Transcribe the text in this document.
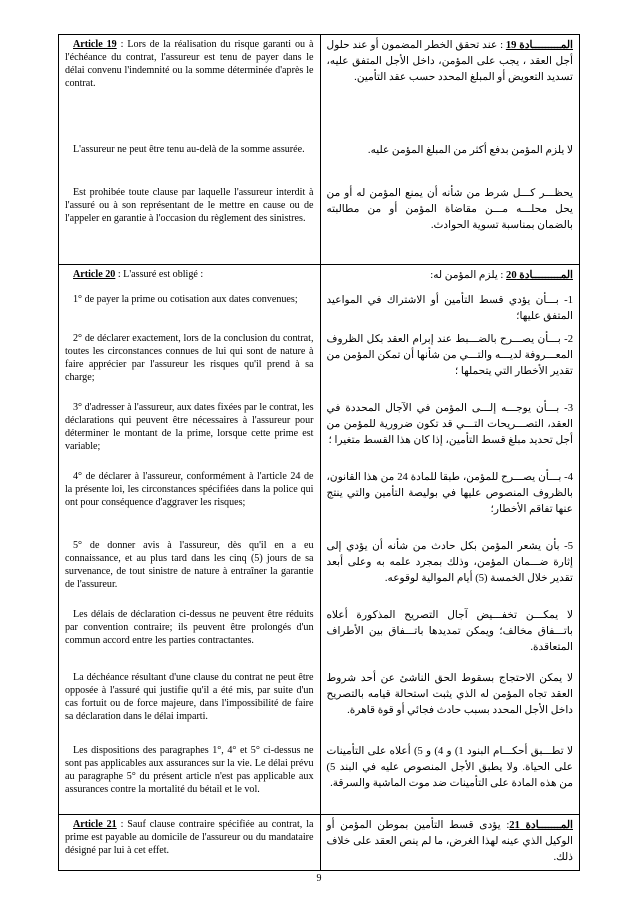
Article 19 : Lors de la réalisation du risque garanti ou à l'échéance du contrat, l'assureur est tenu de payer dans le délai convenu l'indemnité ou la somme déterminée d'après le contrat.	المـــــــــادة 19 : عند تحقق الخطر المضمون أو عند حلول أجل العقد ، يجب على المؤمن، داخل الأجل المتفق عليه، تسديد التعويض أو المبلغ المحدد حسب عقد التأمين.

L'assureur ne peut être tenu au-delà de la somme assurée.	لا يلزم المؤمن بدفع أكثر من المبلغ المؤمن عليه.

Est prohibée toute clause par laquelle l'assureur interdit à l'assuré ou à son représentant de le mettre en cause ou de l'appeler en garantie à l'occasion du règlement des sinistres.	يحظـــر كـــل شرط من شأنه أن يمنع المؤمن له أو من يحل محلـــه مـــن مقاضاة المؤمن أو من مطالبته بالضمان بمناسبة تسوية الحوادث.

Article 20 : L'assuré est obligé :	المـــــــــادة 20 : يلزم المؤمن له:

1° de payer la prime ou cotisation aux dates convenues;	1- بـــأن يؤدي قسط التأمين أو الاشتراك في المواعيد المتفق عليها؛

2° de déclarer exactement, lors de la conclusion du contrat, toutes les circonstances connues de lui qui sont de nature à faire apprécier par l'assureur les risques qu'il prend à sa charge;	2- بـــأن يصـــرح بالضـــبط عند إبرام العقد بكل الظروف المعـــروفة لديـــه والتـــي من شأنها أن تمكن المؤمن من تقدير الأخطار التي يتحملها ؛

3° d'adresser à l'assureur, aux dates fixées par le contrat, les déclarations qui peuvent être nécessaires à l'assureur pour déterminer le montant de la prime, lorsque cette prime est variable;	3- بـــأن يوجـــه إلـــى المؤمن في الآجال المحددة في العقد، التصـــريحات التـــي قد تكون ضرورية للمؤمن من أجل تحديد مبلغ قسط التأمين، إذا كان هذا القسط متغيرا ؛

4° de déclarer à l'assureur, conformément à l'article 24 de la présente loi, les circonstances spécifiées dans la police qui ont pour conséquence d'aggraver les risques;	4- بـــأن يصـــرح للمؤمن، طبقا للمادة 24 من هذا القانون، بالظروف المنصوص عليها في بوليصة التأمين والتي ينتج عنها تفاقم الأخطار؛

5° de donner avis à l'assureur, dès qu'il en a eu connaissance, et au plus tard dans les cinq (5) jours de sa survenance, de tout sinistre de nature à entraîner la garantie de l'assureur.	5- بأن يشعر المؤمن بكل حادث من شأنه أن يؤدي إلى إثارة ضـــمان المؤمن، وذلك بمجرد علمه به وعلى أبعد تقدير خلال الخمسة (5) أيام الموالية لوقوعه.

Les délais de déclaration ci-dessus ne peuvent être réduits par convention contraire; ils peuvent être prolongés d'un commun accord entre les parties contractantes.	لا يمكـــن تخفـــيض آجال التصريح المذكورة أعلاه باتـــفاق مخالف؛ ويمكن تمديدها باتـــفاق بين الأطراف المتعاقدة.

La déchéance résultant d'une clause du contrat ne peut être opposée à l'assuré qui justifie qu'il a été mis, par suite d'un cas fortuit ou de force majeure, dans l'impossibilité de faire sa déclaration dans le délai imparti.	لا يمكن الاحتجاج بسقوط الحق الناشئ عن أحد شروط العقد تجاه المؤمن له الذي يثبت استحالة قيامه بالتصريح داخل الأجل المحدد بسبب حادث فجائي أو قوة قاهرة.

Les dispositions des paragraphes 1°, 4° et 5° ci-dessus ne sont pas applicables aux assurances sur la vie. Le délai prévu au paragraphe 5° du présent article n'est pas applicable aux assurances contre la mortalité du bétail et le vol.	لا تطـــبق أحكـــام البنود 1) و 4) و 5) أعلاه على التأمينات على الحياة. ولا يطبق الأجل المنصوص عليه في البند 5) من هذه المادة على التأمينات ضد موت الماشية والسرقة.

Article 21 : Sauf clause contraire spécifiée au contrat, la prime est payable au domicile de l'assureur ou du mandataire désigné par lui à cet effet.	المـــــــادة 21: يؤدى قسط التأمين بموطن المؤمن أو الوكيل الذي عينه لهذا الغرض، ما لم ينص العقد على خلاف ذلك.

9
